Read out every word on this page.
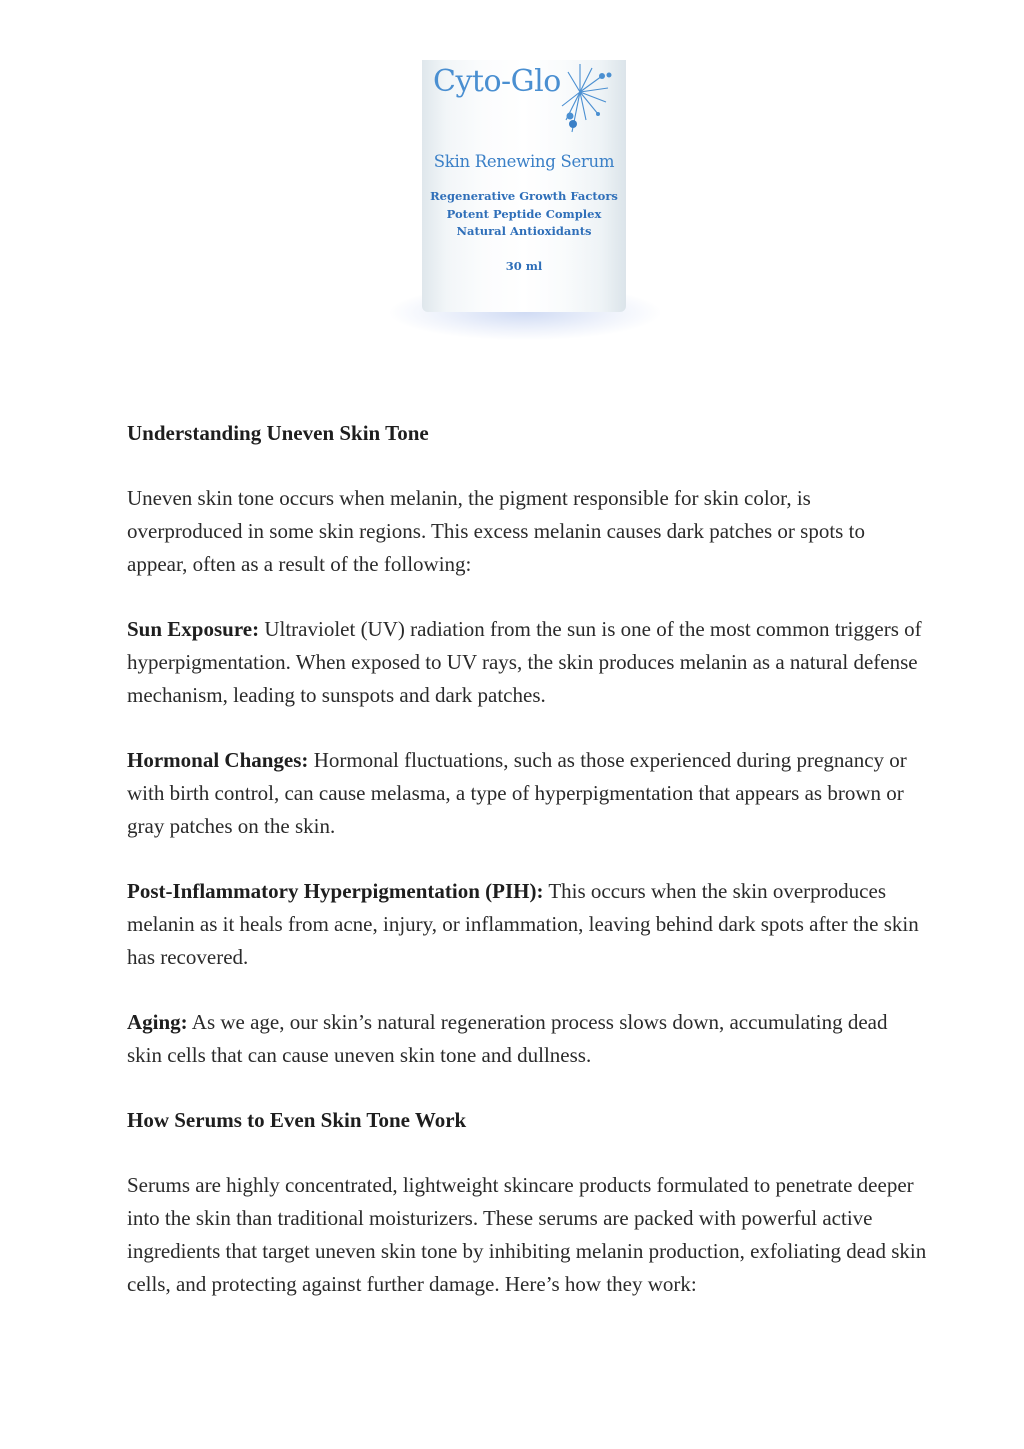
Cyto-Glo
Skin Renewing Serum
Regenerative Growth Factors
Potent Peptide Complex
Natural Antioxidants
30 ml
Understanding Uneven Skin Tone

Uneven skin tone occurs when melanin, the pigment responsible for skin color, is overproduced in some skin regions. This excess melanin causes dark patches or spots to appear, often as a result of the following:

Sun Exposure: Ultraviolet (UV) radiation from the sun is one of the most common triggers of hyperpigmentation. When exposed to UV rays, the skin produces melanin as a natural defense mechanism, leading to sunspots and dark patches.

Hormonal Changes: Hormonal fluctuations, such as those experienced during pregnancy or with birth control, can cause melasma, a type of hyperpigmentation that appears as brown or gray patches on the skin.

Post-Inflammatory Hyperpigmentation (PIH): This occurs when the skin overproduces melanin as it heals from acne, injury, or inflammation, leaving behind dark spots after the skin has recovered.

Aging: As we age, our skin’s natural regeneration process slows down, accumulating dead skin cells that can cause uneven skin tone and dullness.

How Serums to Even Skin Tone Work

Serums are highly concentrated, lightweight skincare products formulated to penetrate deeper into the skin than traditional moisturizers. These serums are packed with powerful active ingredients that target uneven skin tone by inhibiting melanin production, exfoliating dead skin cells, and protecting against further damage. Here’s how they work:
